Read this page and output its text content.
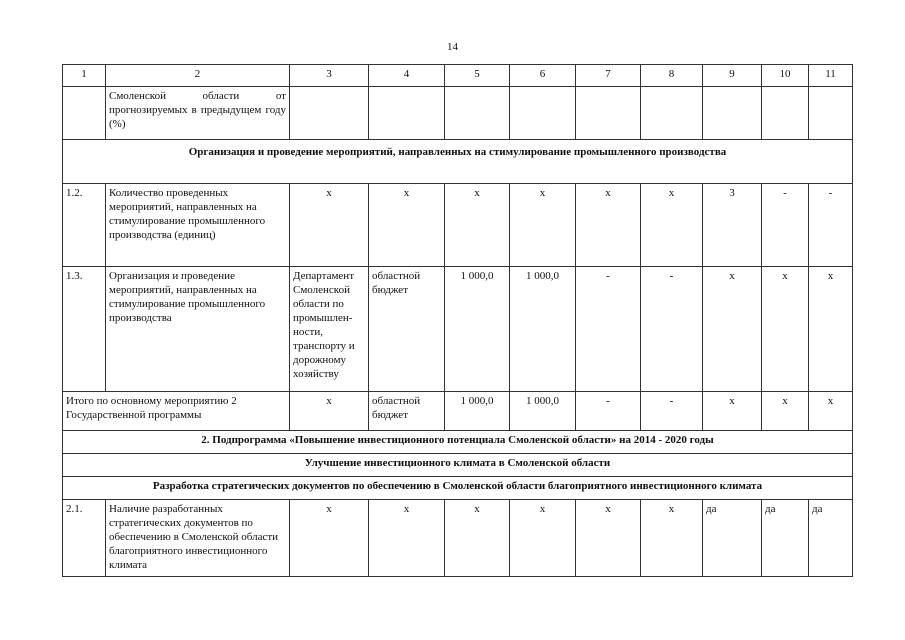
14
1	2	3	4	5	6	7	8	9	10	11
	Смоленской области от прогнозируемых в предыдущем году (%)									
Организация и проведение мероприятий, направленных на стимулирование промышленного производства										
1.2.	Количество проведенных мероприятий, направленных на стимулирование промышленного производства (единиц)	х	х	х	х	х	х	3	-	-
1.3.	Организация и проведение мероприятий, направленных на стимулирование промышленного производства	Департамент Смоленской области по промышлен-ности, транспорту и дорожному хозяйству	областной бюджет	1 000,0	1 000,0	-	-	х	х	х
Итого по основному мероприятию 2 Государственной программы		х	областной бюджет	1 000,0	1 000,0	-	-	х	х	х
2. Подпрограмма «Повышение инвестиционного потенциала Смоленской области» на 2014 - 2020 годы										
Улучшение инвестиционного климата в Смоленской области										
Разработка стратегических документов по обеспечению в Смоленской области благоприятного инвестиционного климата										
2.1.	Наличие разработанных стратегических документов по обеспечению в Смоленской области благоприятного инвестиционного климата	х	х	х	х	х	х	да	да	да
